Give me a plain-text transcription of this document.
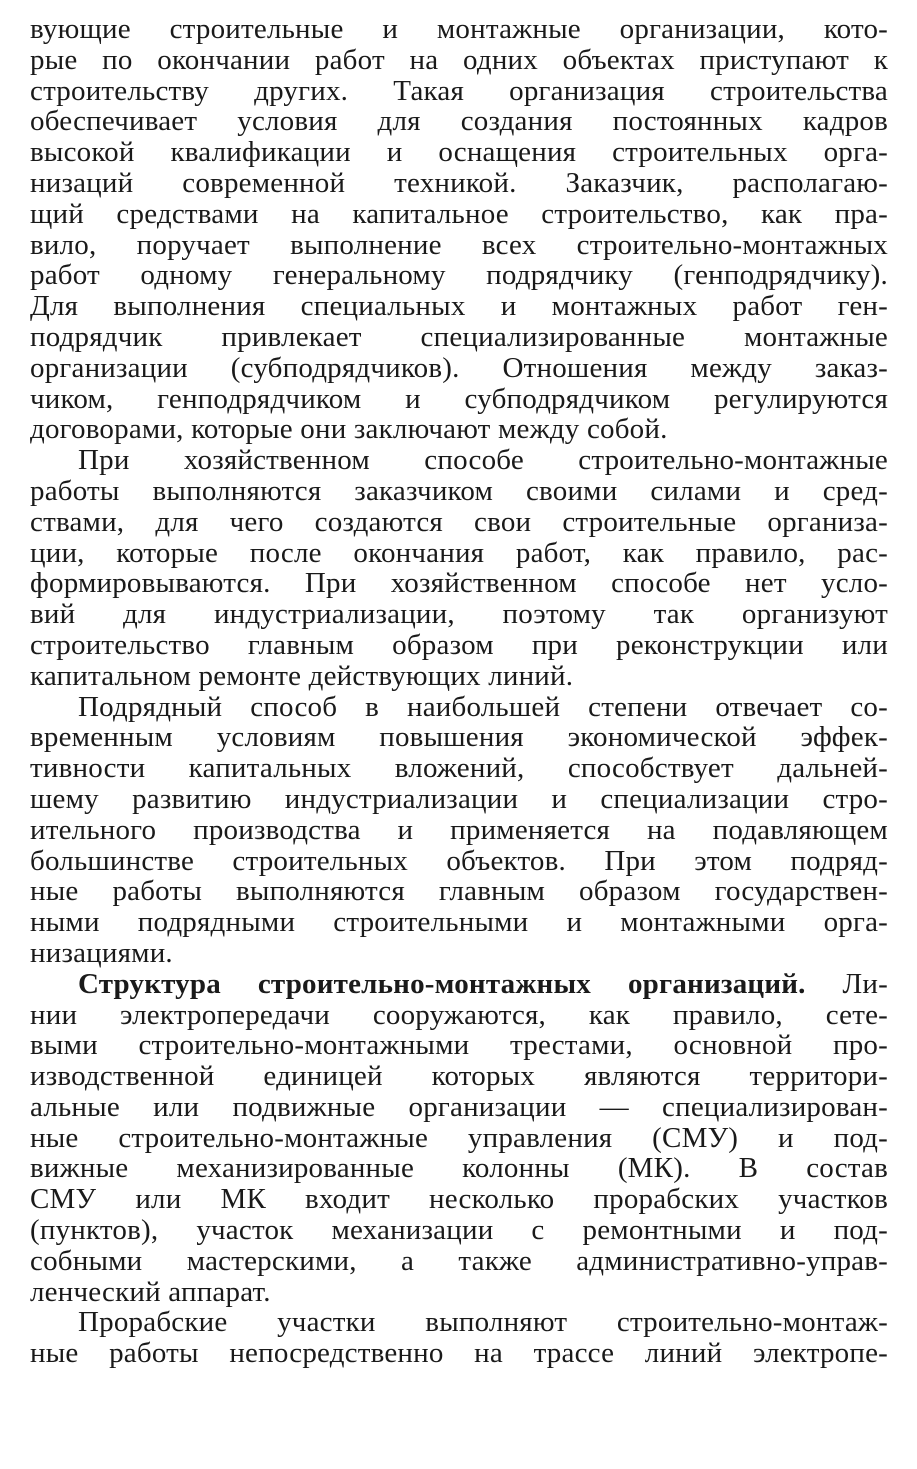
вующие строительные и монтажные организации, кото-
рые по окончании работ на одних объектах приступают к
строительству других. Такая организация строительства
обеспечивает условия для создания постоянных кадров
высокой квалификации и оснащения строительных орга-
низаций современной техникой. Заказчик, располагаю-
щий средствами на капитальное строительство, как пра-
вило, поручает выполнение всех строительно-монтажных
работ одному генеральному подрядчику (генподрядчику).
Для выполнения специальных и монтажных работ ген-
подрядчик привлекает специализированные монтажные
организации (субподрядчиков). Отношения между заказ-
чиком, генподрядчиком и субподрядчиком регулируются
договорами, которые они заключают между собой.
При хозяйственном способе строительно-монтажные
работы выполняются заказчиком своими силами и сред-
ствами, для чего создаются свои строительные организа-
ции, которые после окончания работ, как правило, рас-
формировываются. При хозяйственном способе нет усло-
вий для индустриализации, поэтому так организуют
строительство главным образом при реконструкции или
капитальном ремонте действующих линий.
Подрядный способ в наибольшей степени отвечает со-
временным условиям повышения экономической эффек-
тивности капитальных вложений, способствует дальней-
шему развитию индустриализации и специализации стро-
ительного производства и применяется на подавляющем
большинстве строительных объектов. При этом подряд-
ные работы выполняются главным образом государствен-
ными подрядными строительными и монтажными орга-
низациями.
Структура строительно-монтажных организаций. Ли-
нии электропередачи сооружаются, как правило, сете-
выми строительно-монтажными трестами, основной про-
изводственной единицей которых являются территори-
альные или подвижные организации — специализирован-
ные строительно-монтажные управления (СМУ) и под-
вижные механизированные колонны (МК). В состав
СМУ или МК входит несколько прорабских участков
(пунктов), участок механизации с ремонтными и под-
собными мастерскими, а также административно-управ-
ленческий аппарат.
Прорабские участки выполняют строительно-монтаж-
ные работы непосредственно на трассе линий электропе-
